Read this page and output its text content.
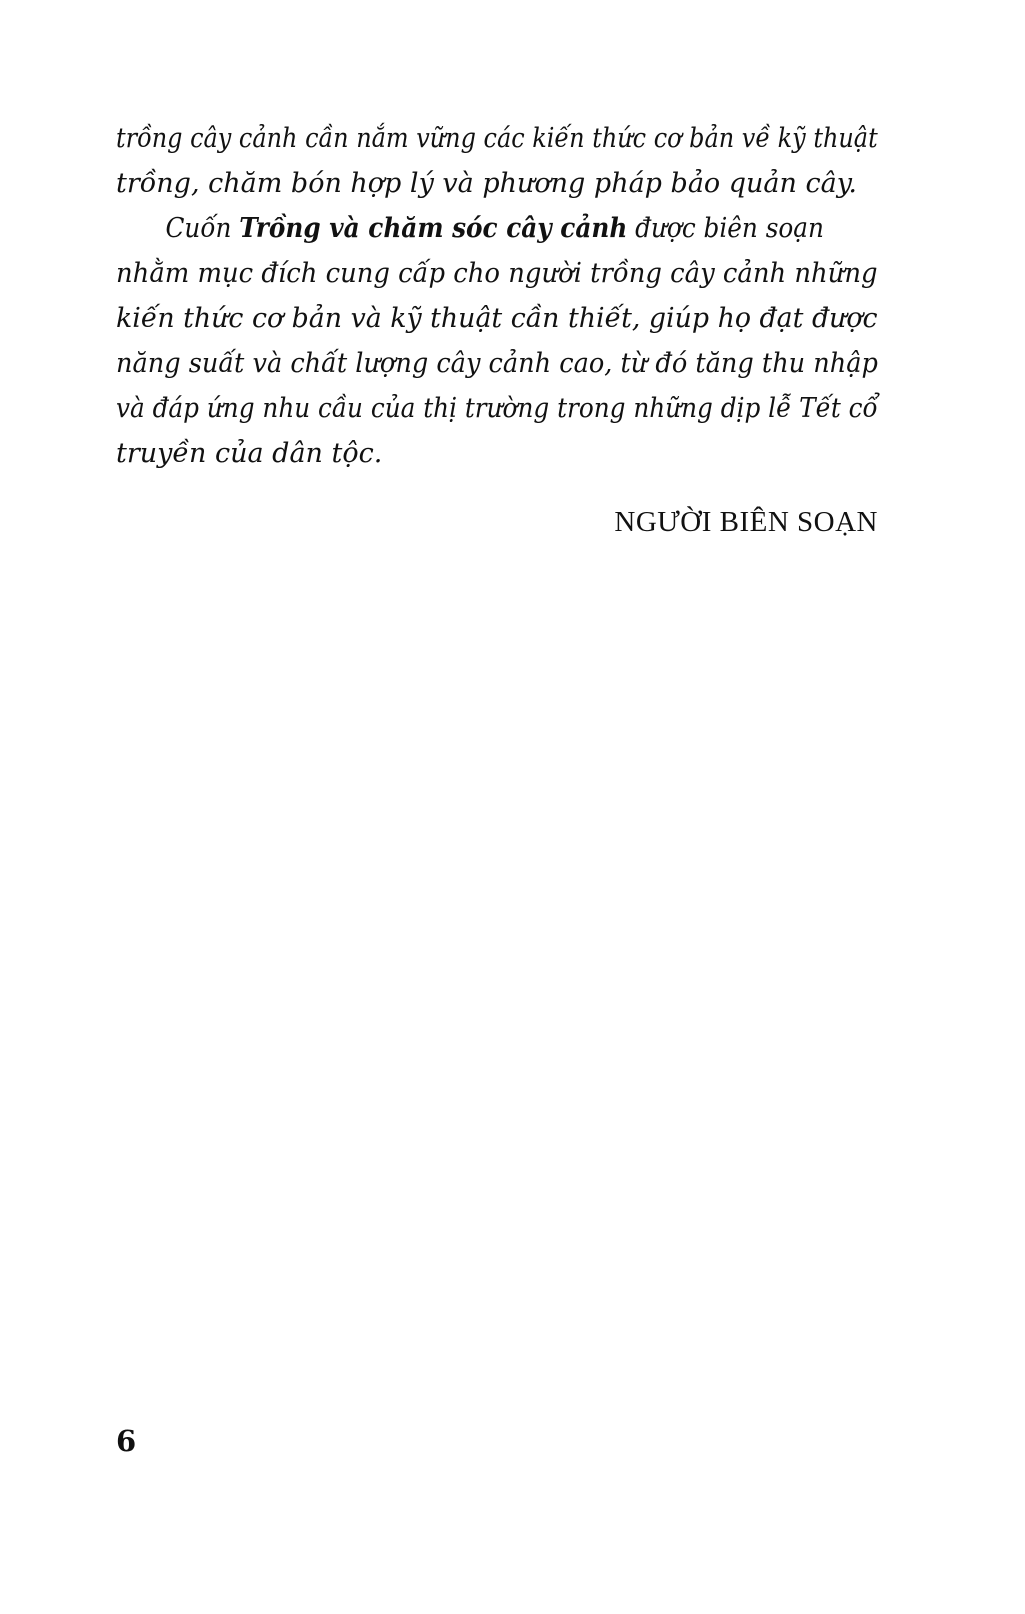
trồng cây cảnh cần nắm vững các kiến thức cơ bản về kỹ thuật
trồng, chăm bón hợp lý và phương pháp bảo quản cây.
Cuốn Trồng và chăm sóc cây cảnh được biên soạn
nhằm mục đích cung cấp cho người trồng cây cảnh những
kiến thức cơ bản và kỹ thuật cần thiết, giúp họ đạt được
năng suất và chất lượng cây cảnh cao, từ đó tăng thu nhập
và đáp ứng nhu cầu của thị trường trong những dịp lễ Tết cổ
truyền của dân tộc.
NGƯỜI BIÊN SOẠN
6
